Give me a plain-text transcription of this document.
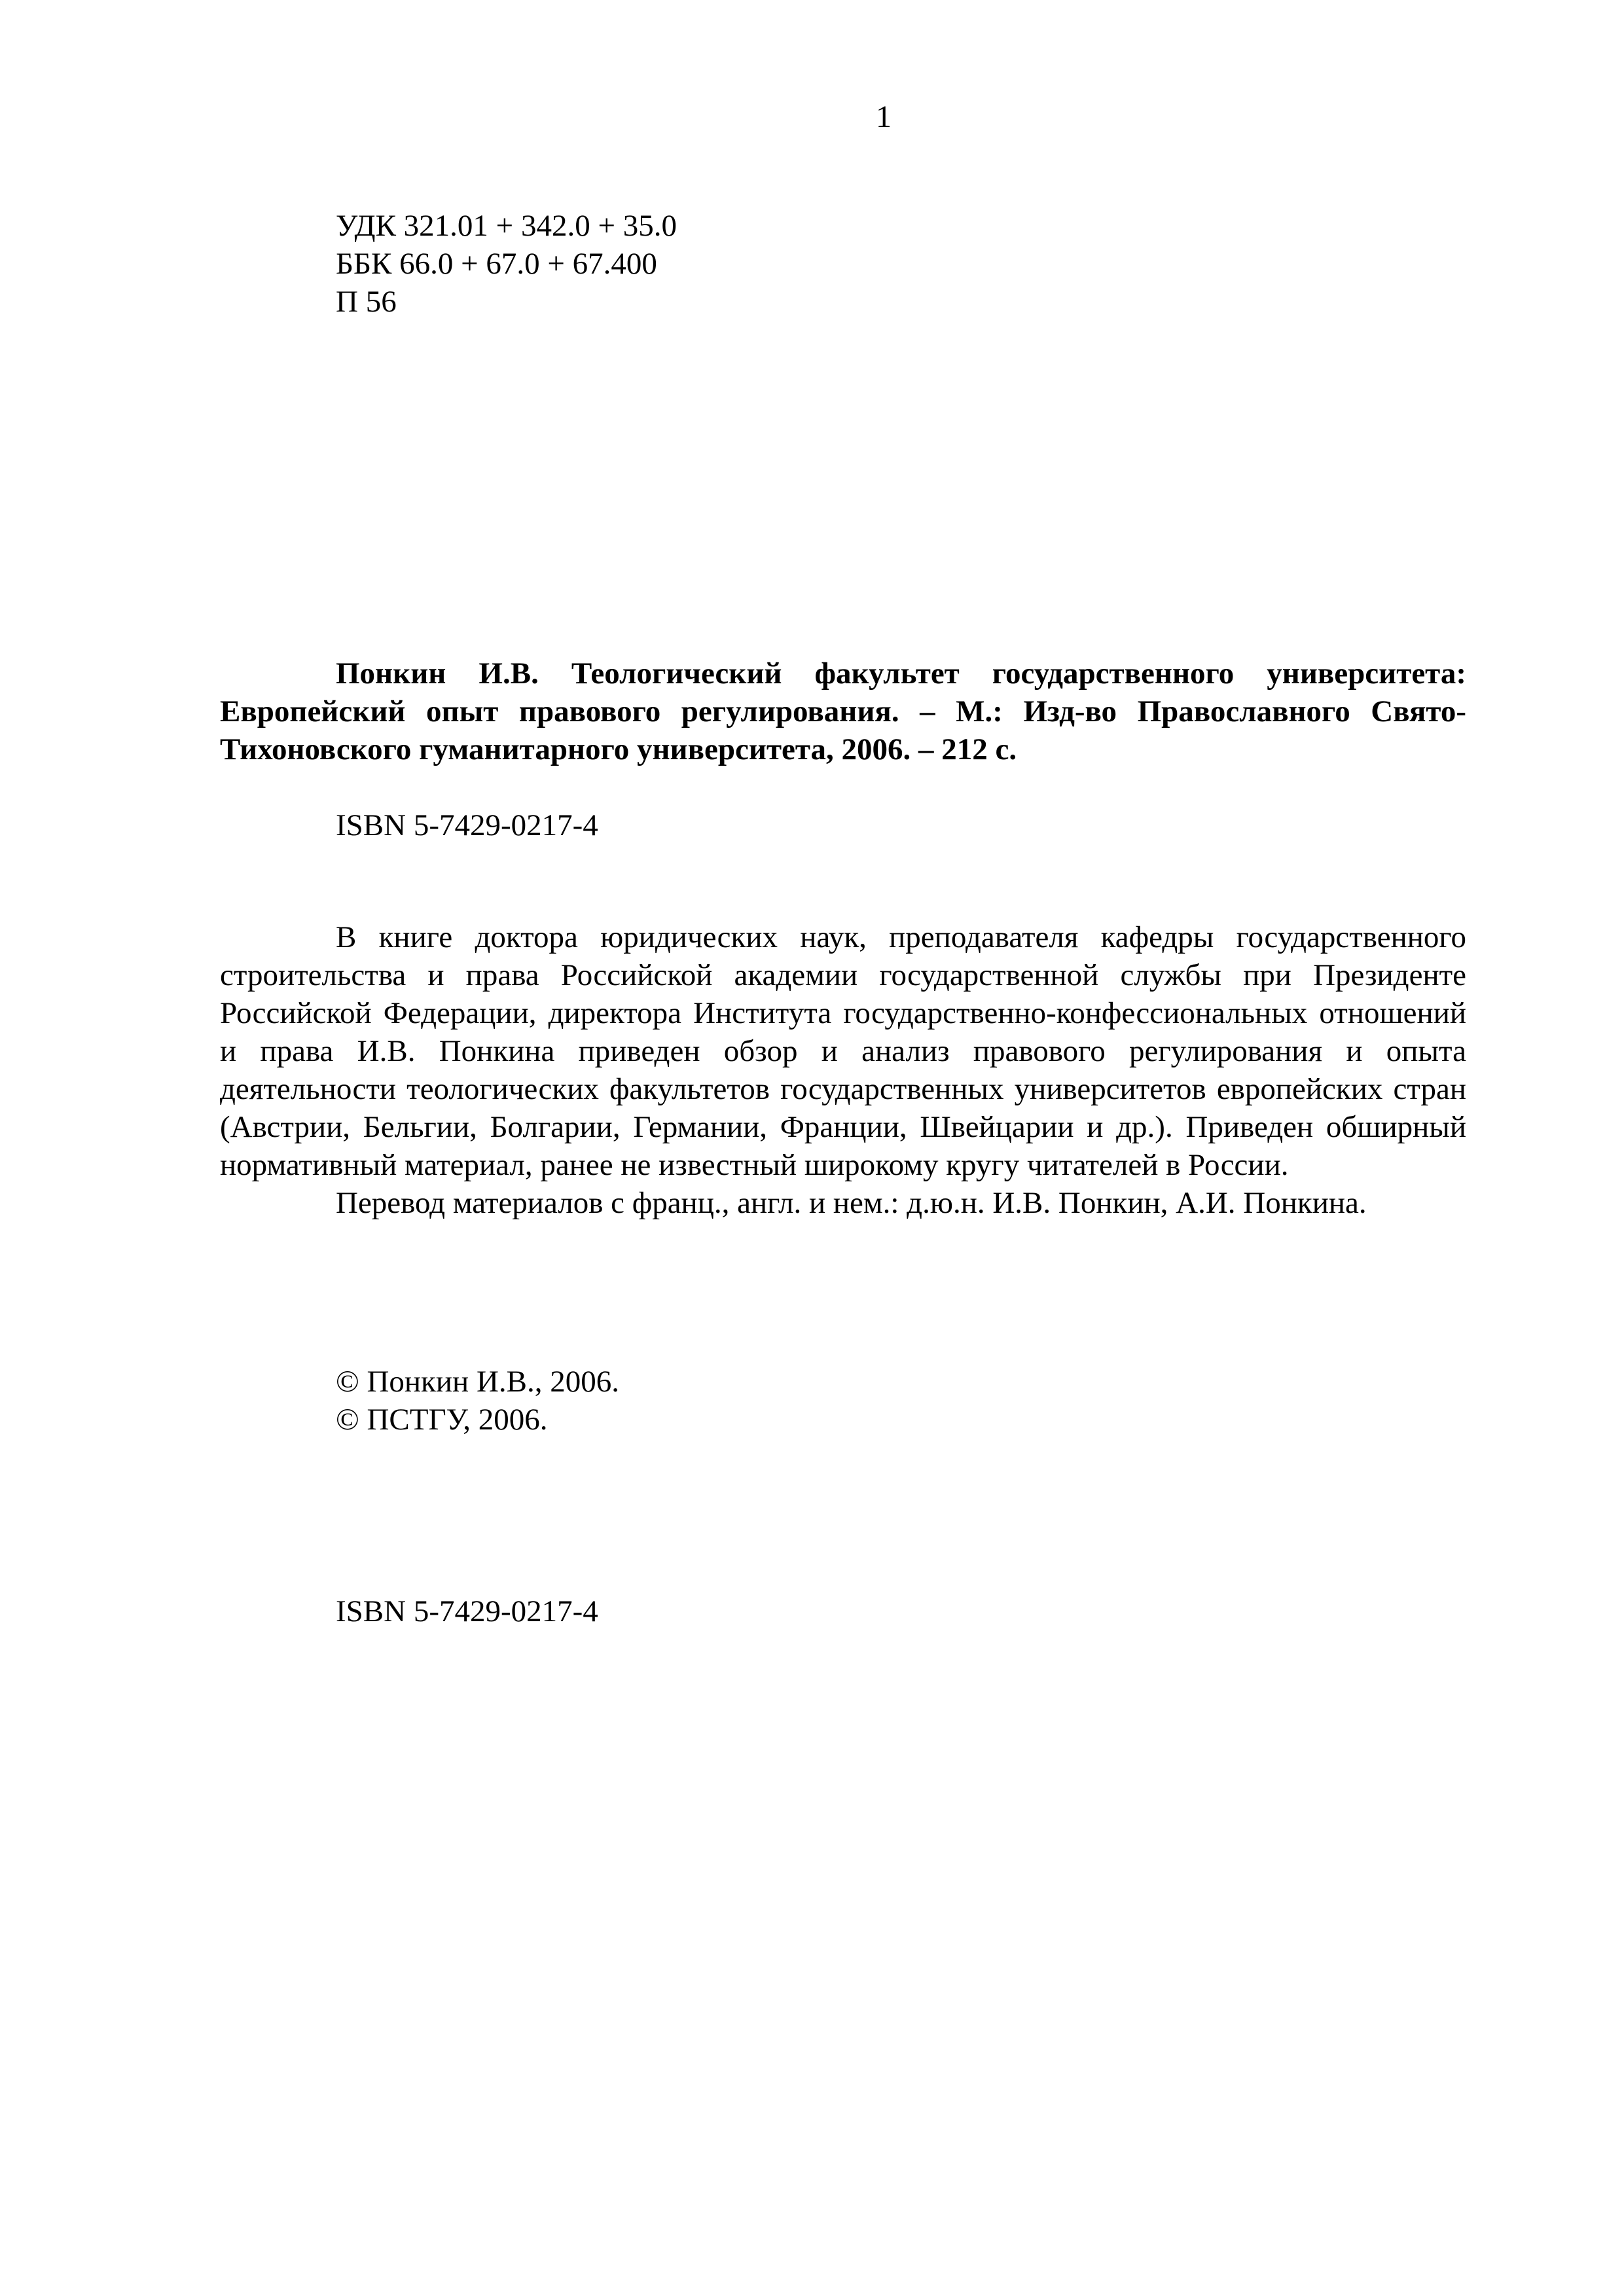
1
УДК 321.01 + 342.0 + 35.0
ББК 66.0 + 67.0 + 67.400
П 56

Понкин И.В. Теологический факультет государственного университета: Европейский опыт правового регулирования. – М.: Изд-во Православного Свято-Тихоновского гуманитарного университета, 2006. – 212 с.

ISBN 5-7429-0217-4

В книге доктора юридических наук, преподавателя кафедры государственного строительства и права Российской академии государственной службы при Президенте Российской Федерации, директора Института государственно-конфессиональных отношений и права И.В. Понкина приведен обзор и анализ правового регулирования и опыта деятельности теологических факультетов государственных университетов европейских стран (Австрии, Бельгии, Болгарии, Германии, Франции, Швейцарии и др.). Приведен обширный нормативный материал, ранее не известный широкому кругу читателей в России.

Перевод материалов с франц., англ. и нем.: д.ю.н. И.В. Понкин, А.И. Понкина.

© Понкин И.В., 2006.
© ПСТГУ, 2006.
ISBN 5-7429-0217-4
